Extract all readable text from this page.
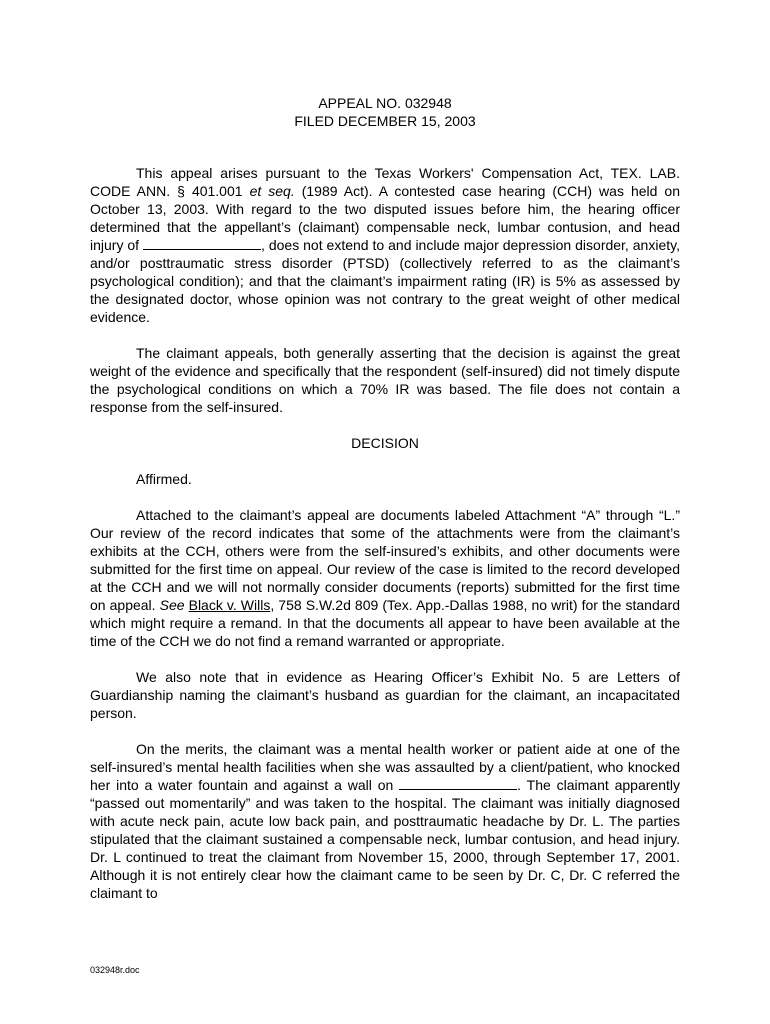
APPEAL NO. 032948
FILED DECEMBER 15, 2003

This appeal arises pursuant to the Texas Workers' Compensation Act, TEX. LAB. CODE ANN. § 401.001 et seq. (1989 Act). A contested case hearing (CCH) was held on October 13, 2003. With regard to the two disputed issues before him, the hearing officer determined that the appellant’s (claimant) compensable neck, lumbar contusion, and head injury of	, does not extend to and include major depression disorder, anxiety, and/or posttraumatic stress disorder (PTSD) (collectively referred to as the claimant’s psychological condition); and that the claimant’s impairment rating (IR) is 5% as assessed by the designated doctor, whose opinion was not contrary to the great weight of other medical evidence.

The claimant appeals, both generally asserting that the decision is against the great weight of the evidence and specifically that the respondent (self-insured) did not timely dispute the psychological conditions on which a 70% IR was based. The file does not contain a response from the self-insured.

DECISION

Affirmed.

Attached to the claimant’s appeal are documents labeled Attachment “A” through “L.” Our review of the record indicates that some of the attachments were from the claimant’s exhibits at the CCH, others were from the self-insured’s exhibits, and other documents were submitted for the first time on appeal. Our review of the case is limited to the record developed at the CCH and we will not normally consider documents (reports) submitted for the first time on appeal. See Black v. Wills, 758 S.W.2d 809 (Tex. App.-Dallas 1988, no writ) for the standard which might require a remand. In that the documents all appear to have been available at the time of the CCH we do not find a remand warranted or appropriate.

We also note that in evidence as Hearing Officer’s Exhibit No. 5 are Letters of Guardianship naming the claimant’s husband as guardian for the claimant, an incapacitated person.

On the merits, the claimant was a mental health worker or patient aide at one of the self-insured’s mental health facilities when she was assaulted by a client/patient, who knocked her into a water fountain and against a wall on	. The claimant apparently “passed out momentarily” and was taken to the hospital. The claimant was initially diagnosed with acute neck pain, acute low back pain, and posttraumatic headache by Dr. L. The parties stipulated that the claimant sustained a compensable neck, lumbar contusion, and head injury. Dr. L continued to treat the claimant from November 15, 2000, through September 17, 2001. Although it is not entirely clear how the claimant came to be seen by Dr. C, Dr. C referred the claimant to

032948r.doc
